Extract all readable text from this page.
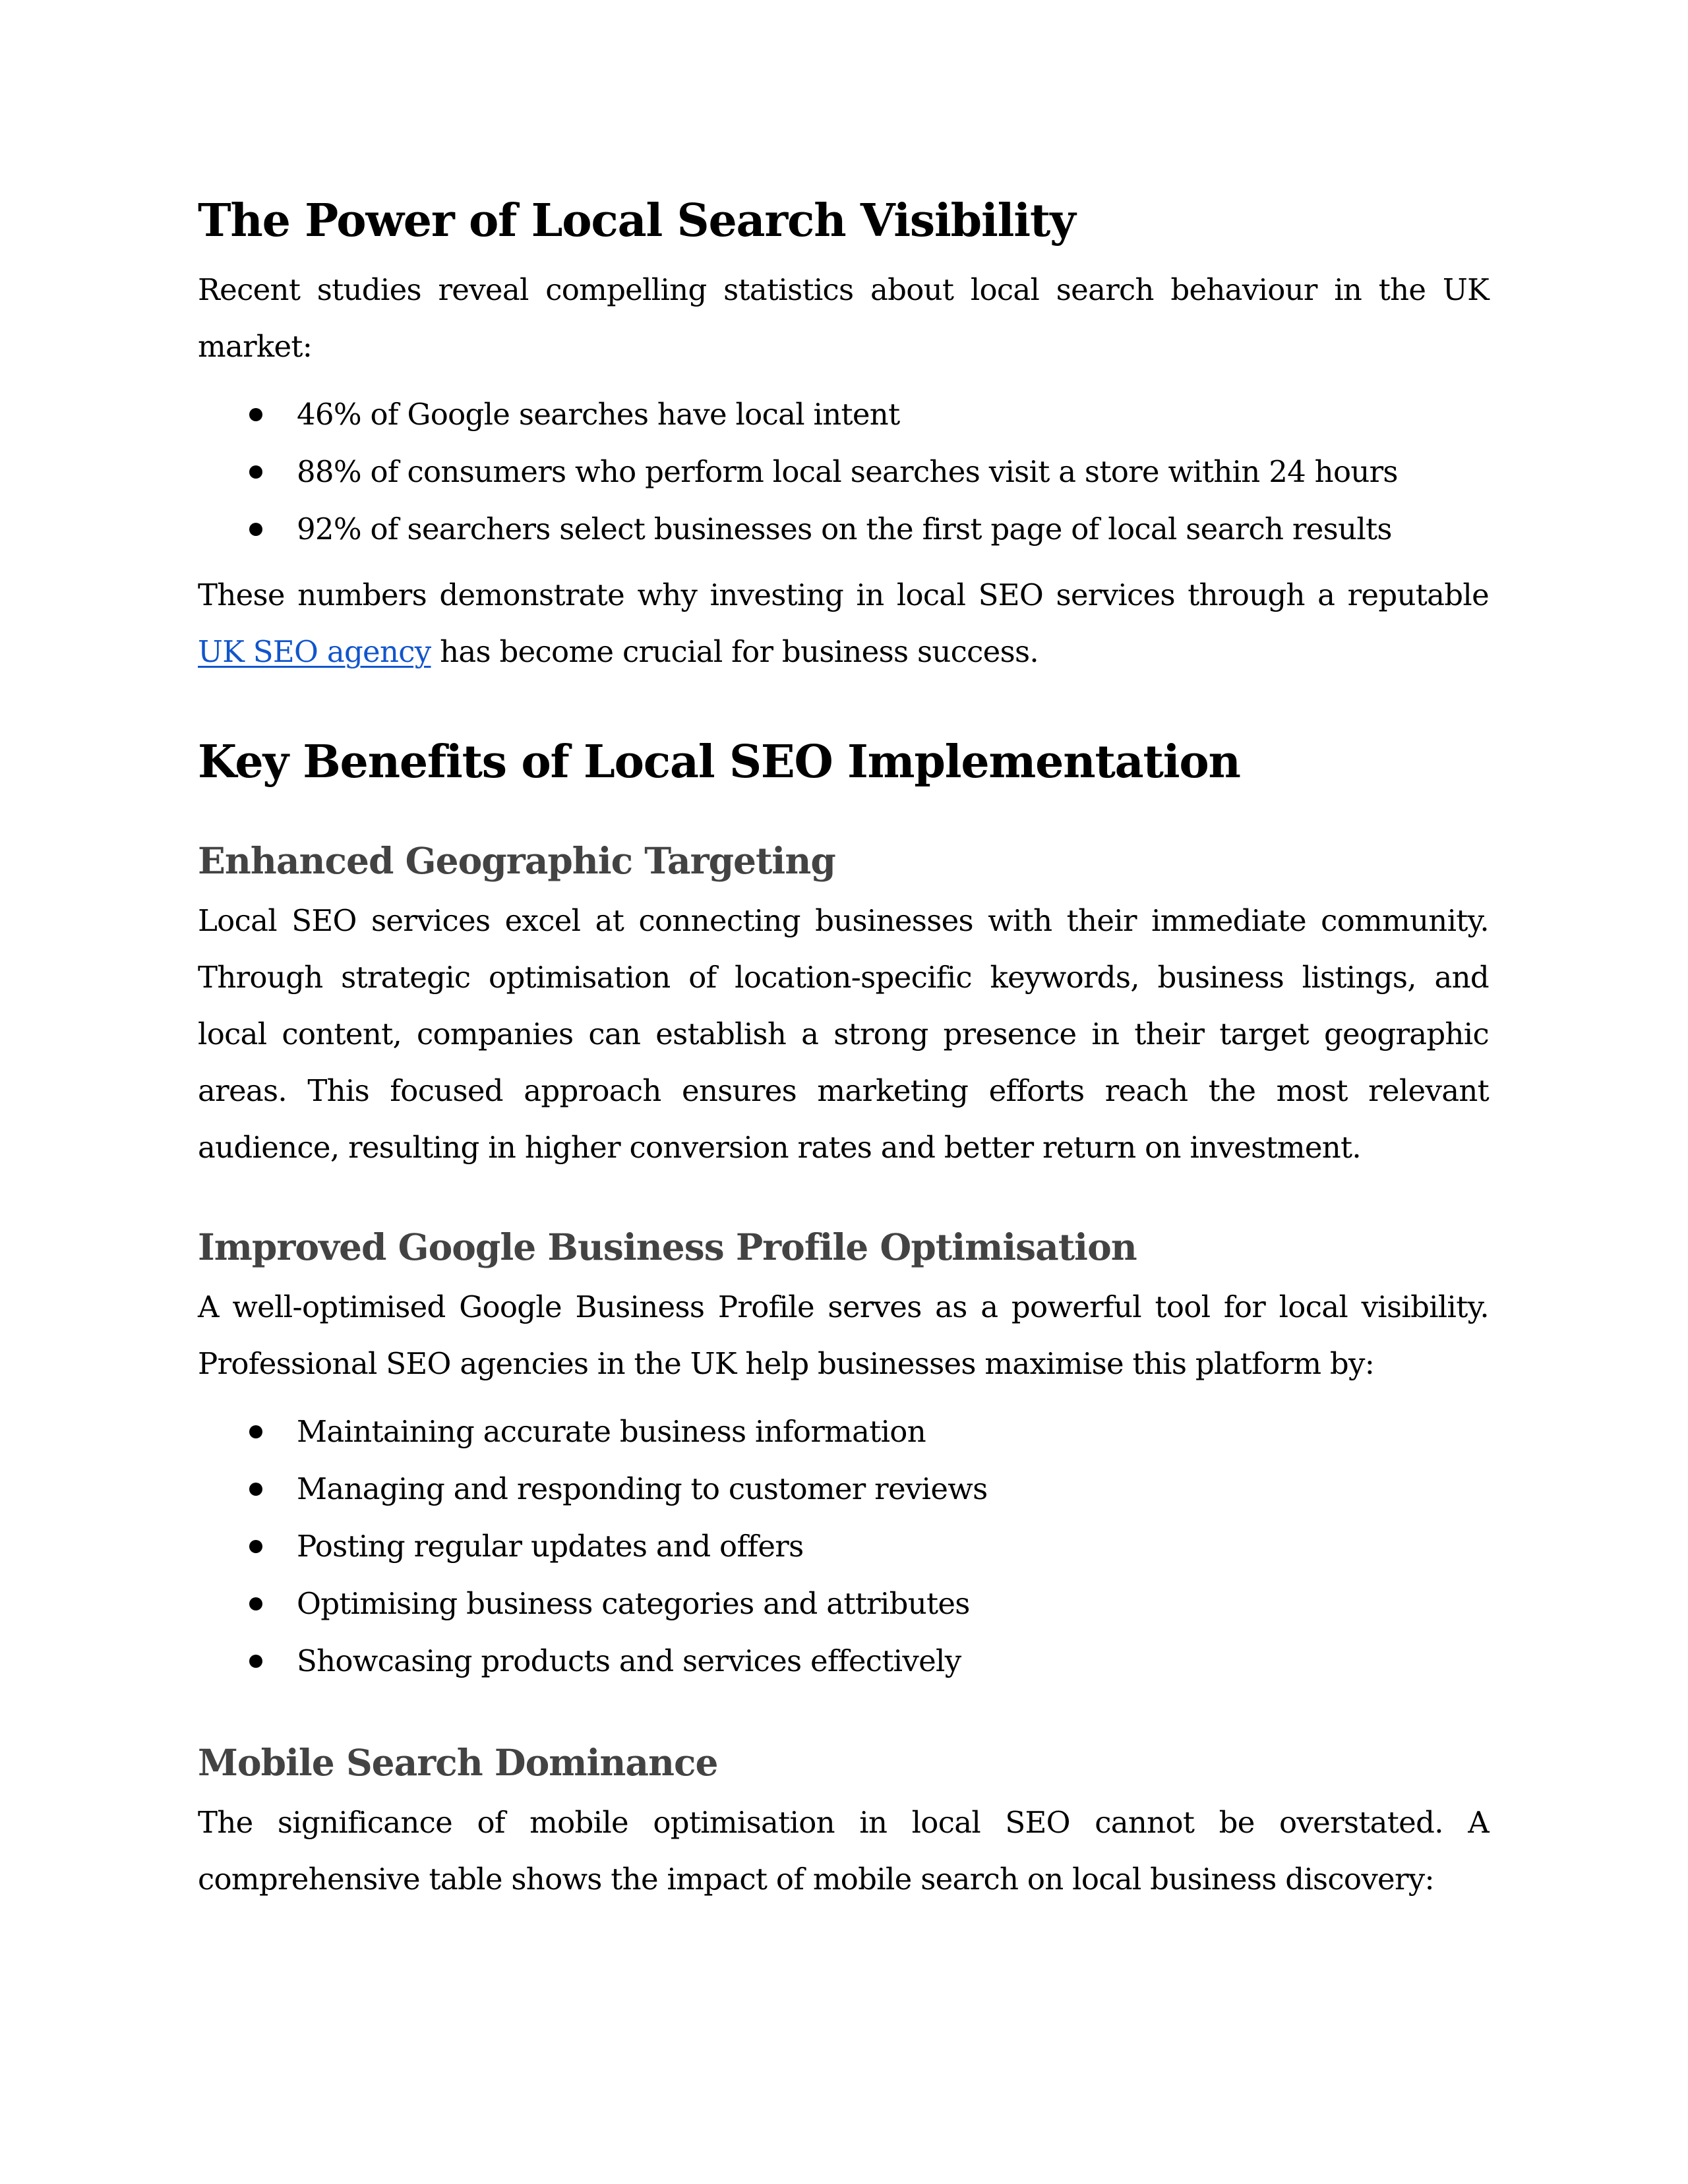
The Power of Local Search Visibility

Recent studies reveal compelling statistics about local search behaviour in the UK market:

46% of Google searches have local intent
88% of consumers who perform local searches visit a store within 24 hours
92% of searchers select businesses on the first page of local search results

These numbers demonstrate why investing in local SEO services through a reputable UK SEO agency has become crucial for business success.

Key Benefits of Local SEO Implementation
Enhanced Geographic Targeting

Local SEO services excel at connecting businesses with their immediate community. Through strategic optimisation of location-specific keywords, business listings, and local content, companies can establish a strong presence in their target geographic areas. This focused approach ensures marketing efforts reach the most relevant audience, resulting in higher conversion rates and better return on investment.

Improved Google Business Profile Optimisation

A well-optimised Google Business Profile serves as a powerful tool for local visibility. Professional SEO agencies in the UK help businesses maximise this platform by:

Maintaining accurate business information
Managing and responding to customer reviews
Posting regular updates and offers
Optimising business categories and attributes
Showcasing products and services effectively
Mobile Search Dominance

The significance of mobile optimisation in local SEO cannot be overstated. A comprehensive table shows the impact of mobile search on local business discovery:
